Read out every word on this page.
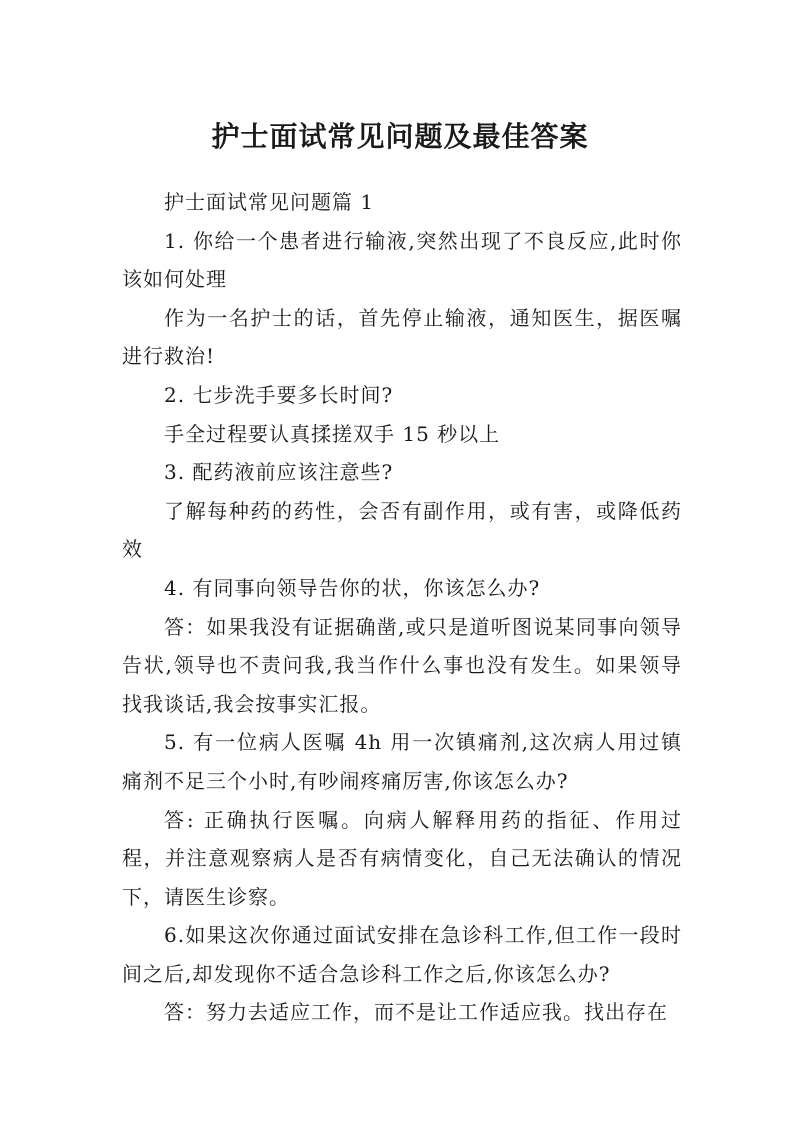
护士面试常见问题及最佳答案

护士面试常见问题篇 1

1. 你给一个患者进行输液,突然出现了不良反应,此时你该如何处理

作为一名护士的话，首先停止输液，通知医生，据医嘱进行救治!

2. 七步洗手要多长时间?

手全过程要认真揉搓双手 15 秒以上

3. 配药液前应该注意些?

了解每种药的药性，会否有副作用，或有害，或降低药效

4. 有同事向领导告你的状，你该怎么办?

答：如果我没有证据确凿,或只是道听图说某同事向领导告状,领导也不责问我,我当作什么事也没有发生。如果领导找我谈话,我会按事实汇报。

5. 有一位病人医嘱 4h 用一次镇痛剂,这次病人用过镇痛剂不足三个小时,有吵闹疼痛厉害,你该怎么办?

答: 正确执行医嘱。向病人解释用药的指征、作用过程，并注意观察病人是否有病情变化，自己无法确认的情况下，请医生诊察。

6.如果这次你通过面试安排在急诊科工作,但工作一段时间之后,却发现你不适合急诊科工作之后,你该怎么办?

答：努力去适应工作，而不是让工作适应我。找出存在
